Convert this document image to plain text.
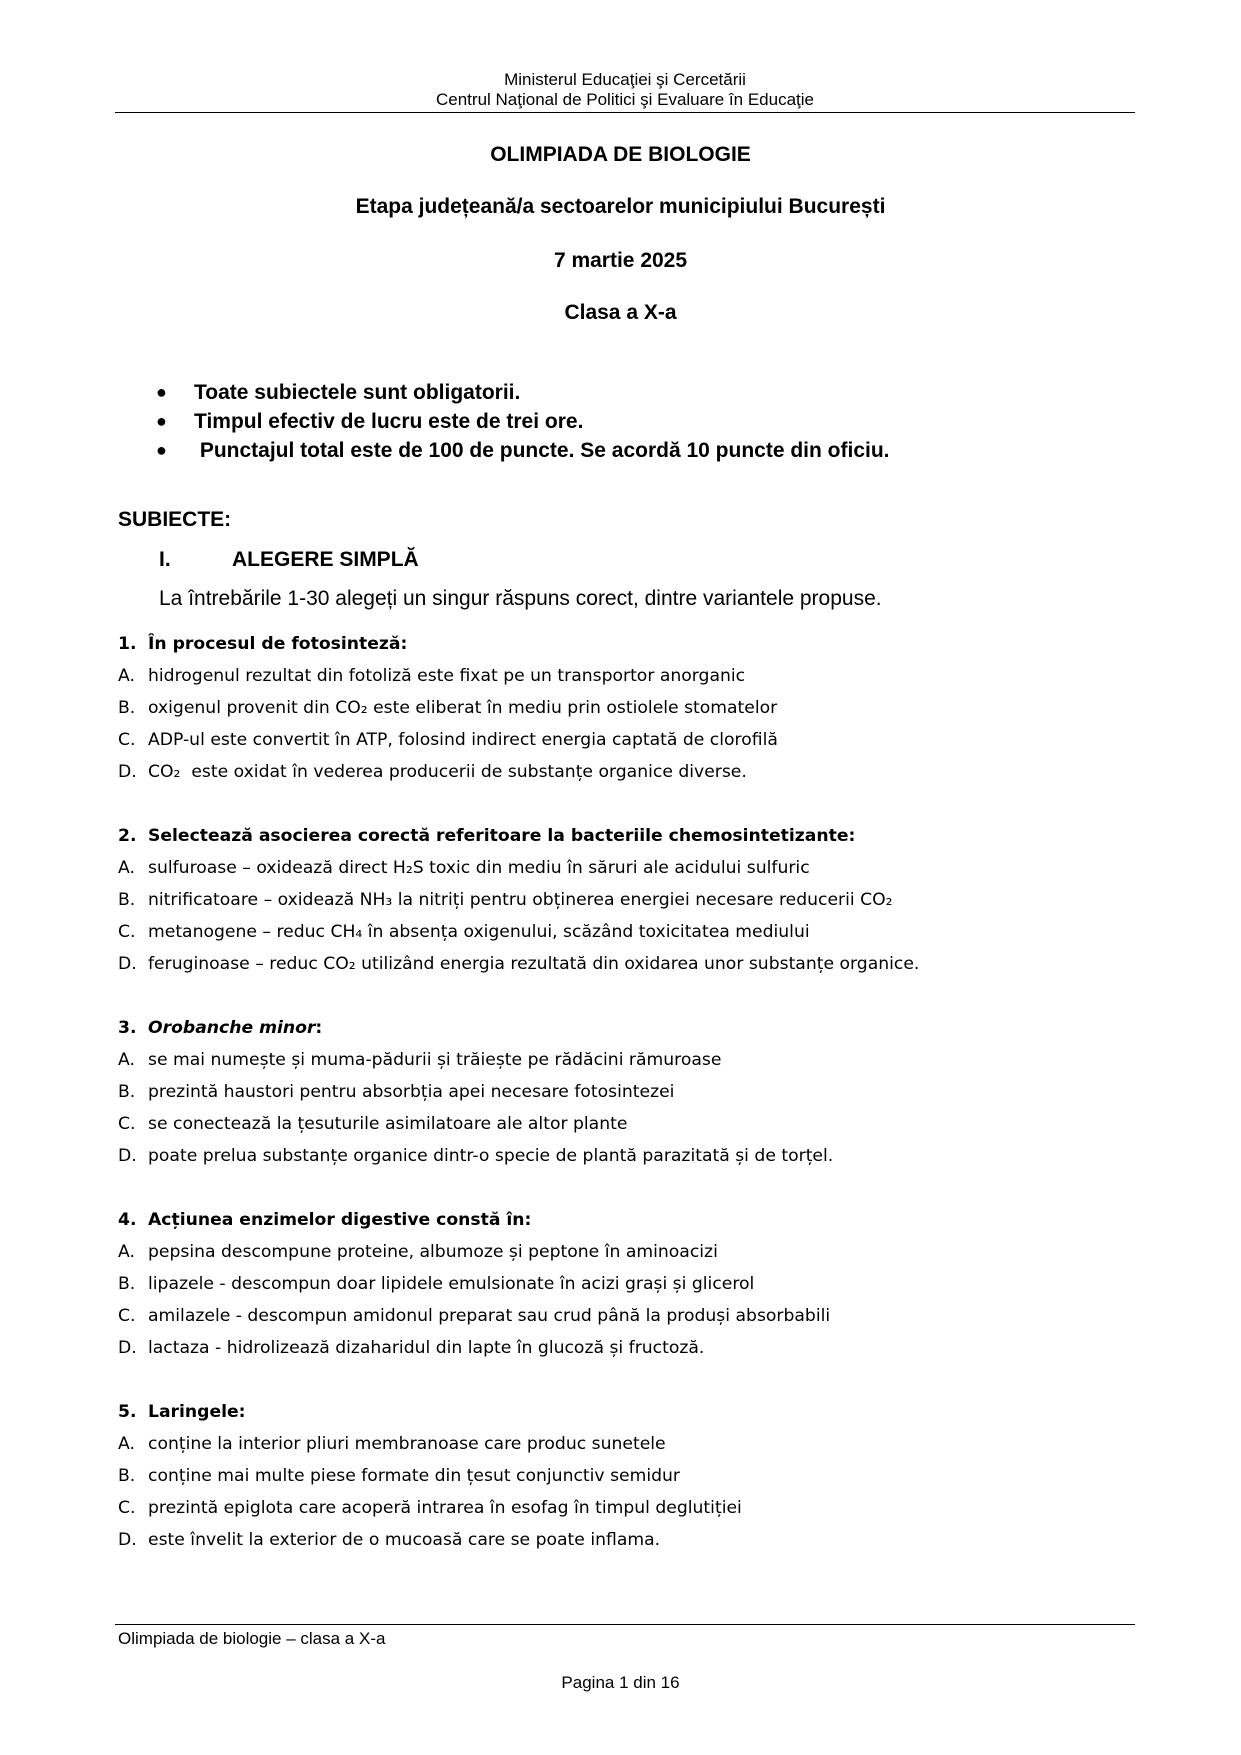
Ministerul Educaţiei şi Cercetării
Centrul Naţional de Politici şi Evaluare în Educaţie
OLIMPIADA DE BIOLOGIE
Etapa județeană/a sectoarelor municipiului București
7 martie 2025
Clasa a X-a
●	Toate subiectele sunt obligatorii.
●	Timpul efectiv de lucru este de trei ore.
●	Punctajul total este de 100 de puncte. Se acordă 10 puncte din oficiu.
SUBIECTE:
I.	ALEGERE SIMPLĂ
La întrebările 1-30 alegeți un singur răspuns corect, dintre variantele propuse.
1. În procesul de fotosinteză:
A. hidrogenul rezultat din fotoliză este fixat pe un transportor anorganic
B. oxigenul provenit din CO₂ este eliberat în mediu prin ostiolele stomatelor
C. ADP-ul este convertit în ATP, folosind indirect energia captată de clorofilă
D. CO₂  este oxidat în vederea producerii de substanțe organice diverse.
2. Selectează asocierea corectă referitoare la bacteriile chemosintetizante:
A. sulfuroase – oxidează direct H₂S toxic din mediu în săruri ale acidului sulfuric
B. nitrificatoare – oxidează NH₃ la nitriți pentru obținerea energiei necesare reducerii CO₂
C. metanogene – reduc CH₄ în absența oxigenului, scăzând toxicitatea mediului
D. feruginoase – reduc CO₂ utilizând energia rezultată din oxidarea unor substanțe organice.
3. Orobanche minor :
A. se mai numește și muma-pădurii și trăiește pe rădăcini rămuroase
B. prezintă haustori pentru absorbția apei necesare fotosintezei
C. se conectează la țesuturile asimilatoare ale altor plante
D. poate prelua substanțe organice dintr-o specie de plantă parazitată și de torțel.
4. Acțiunea enzimelor digestive constă în:
A. pepsina descompune proteine, albumoze și peptone în aminoacizi
B. lipazele - descompun doar lipidele emulsionate în acizi grași și glicerol
C. amilazele - descompun amidonul preparat sau crud până la produși absorbabili
D. lactaza - hidrolizează dizaharidul din lapte în glucoză și fructoză.
5. Laringele:
A. conține la interior pliuri membranoase care produc sunetele
B. conține mai multe piese formate din țesut conjunctiv semidur
C. prezintă epiglota care acoperă intrarea în esofag în timpul deglutiției
D. este învelit la exterior de o mucoasă care se poate inflama.
Olimpiada de biologie – clasa a X-a
Pagina 1 din 16
